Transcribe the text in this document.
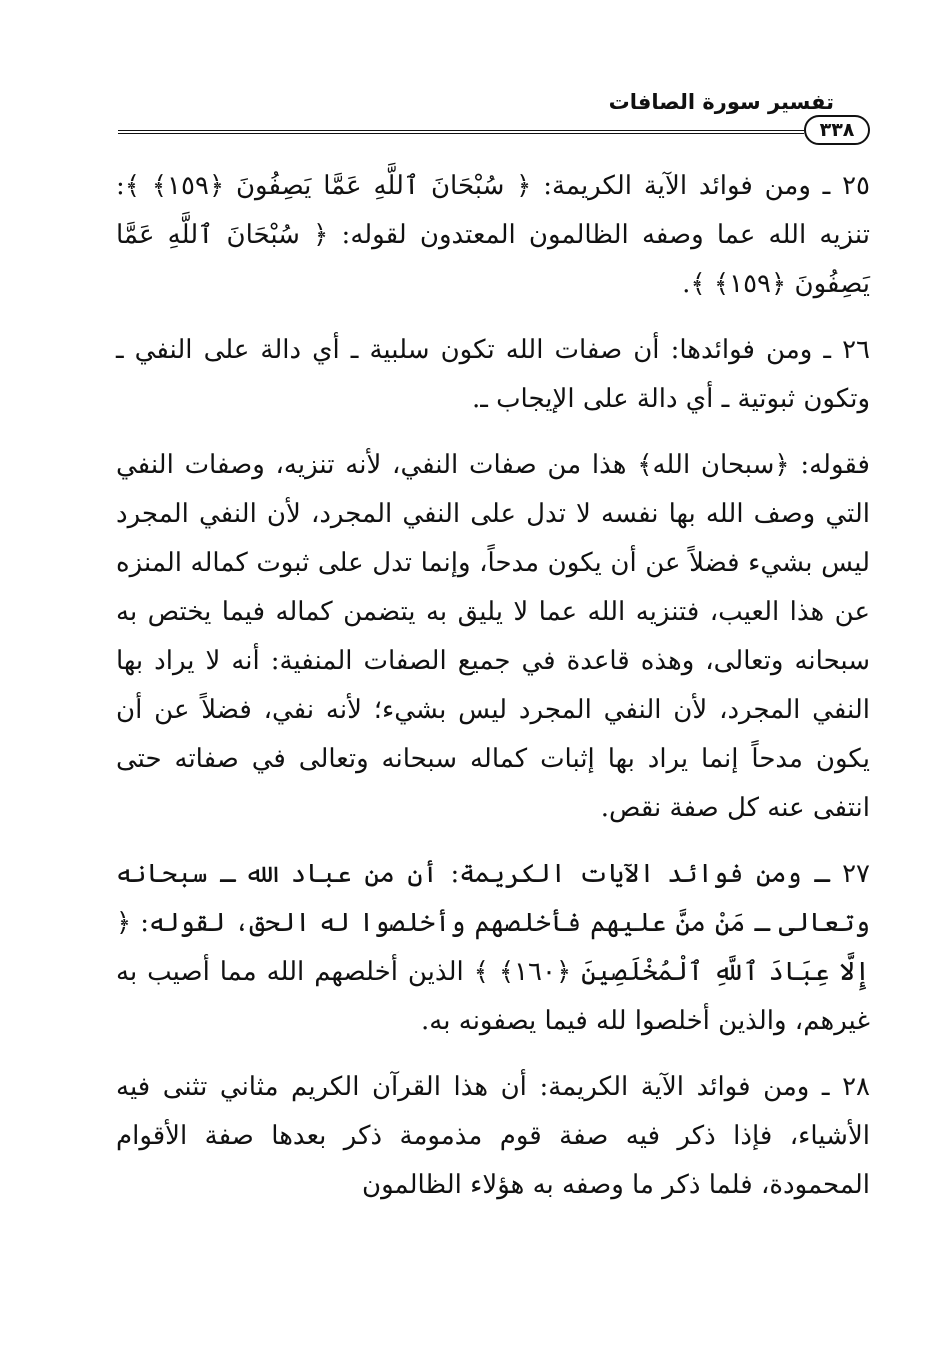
تفسير سورة الصافات
٣٣٨

٢٥ ـ ومن فوائد الآية الكريمة: ﴿ سُبْحَانَ ٱللَّهِ عَمَّا يَصِفُونَ ﴿١٥٩﴾ ﴾: تنزيه الله عما وصفه الظالمون المعتدون لقوله: ﴿ سُبْحَانَ ٱللَّهِ عَمَّا يَصِفُونَ ﴿١٥٩﴾ ﴾.

٢٦ ـ ومن فوائدها: أن صفات الله تكون سلبية ـ أي دالة على النفي ـ وتكون ثبوتية ـ أي دالة على الإيجاب ـ.

فقوله: ﴿سبحان الله﴾ هذا من صفات النفي، لأنه تنزيه، وصفات النفي التي وصف الله بها نفسه لا تدل على النفي المجرد، لأن النفي المجرد ليس بشيء فضلاً عن أن يكون مدحاً، وإنما تدل على ثبوت كماله المنزه عن هذا العيب، فتنزيه الله عما لا يليق به يتضمن كماله فيما يختص به سبحانه وتعالى، وهذه قاعدة في جميع الصفات المنفية: أنه لا يراد بها النفي المجرد، لأن النفي المجرد ليس بشيء؛ لأنه نفي، فضلاً عن أن يكون مدحاً إنما يراد بها إثبات كماله سبحانه وتعالى في صفاته حتى انتفى عنه كل صفة نقص.

٢٧ ـ ومن فوائد الآيات الكريمة: أن من عباد الله ـ سبحانه وتعالى ـ مَنْ منَّ عليهم فأخلصهم وأخلصوا له الحق، لقوله: ﴿ إِلَّا عِبَادَ ٱللَّهِ ٱلْمُخْلَصِينَ ﴿١٦٠﴾ ﴾ الذين أخلصهم الله مما أصيب به غيرهم، والذين أخلصوا لله فيما يصفونه به.

٢٨ ـ ومن فوائد الآية الكريمة: أن هذا القرآن الكريم مثاني تثنى فيه الأشياء، فإذا ذكر فيه صفة قوم مذمومة ذكر بعدها صفة الأقوام المحمودة، فلما ذكر ما وصفه به هؤلاء الظالمون
